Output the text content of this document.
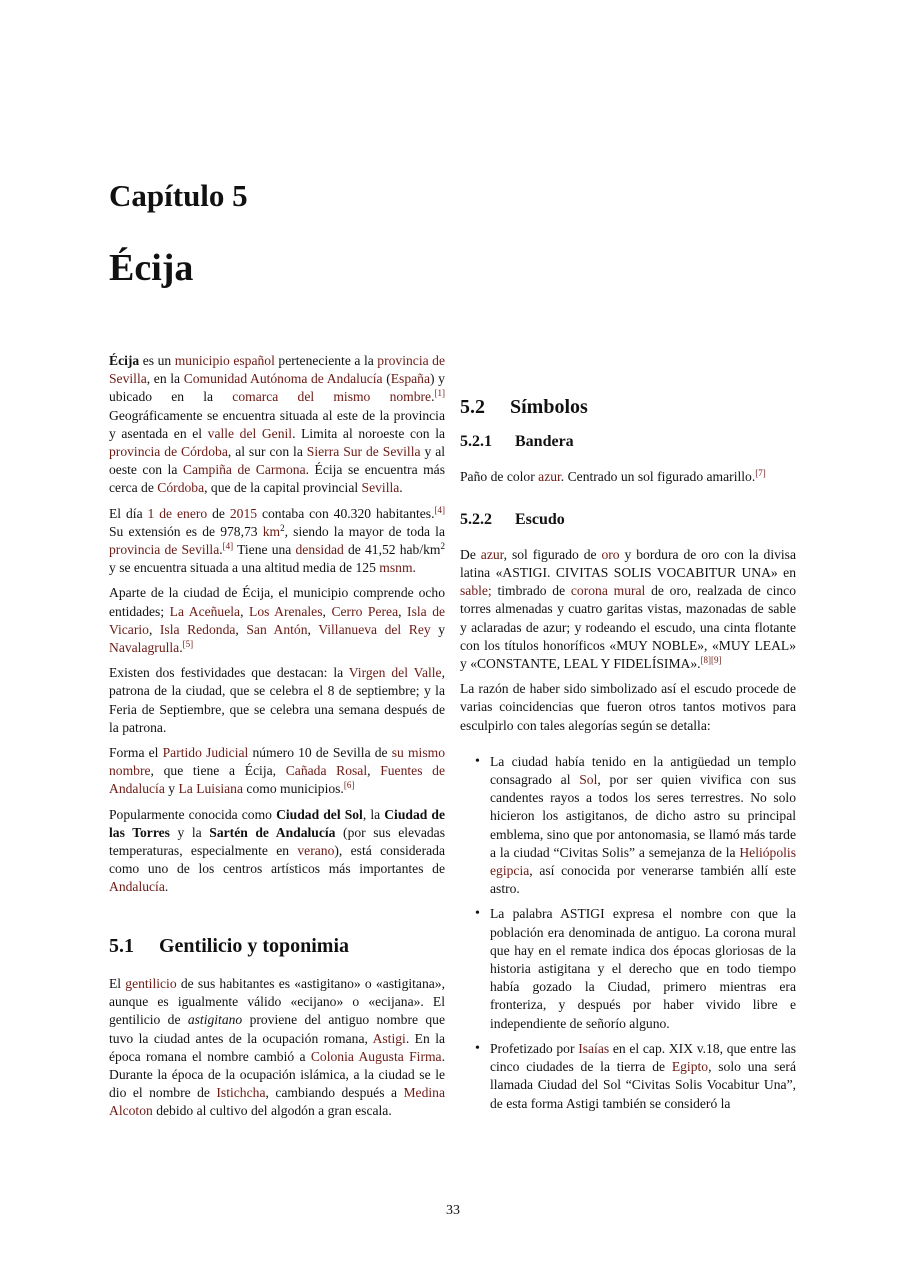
Capítulo 5
Écija

Écija es un municipio español perteneciente a la provincia de Sevilla, en la Comunidad Autónoma de Andalucía (España) y ubicado en la comarca del mismo nombre.[1] Geográficamente se encuentra situada al este de la provincia y asentada en el valle del Genil. Limita al noroeste con la provincia de Córdoba, al sur con la Sierra Sur de Sevilla y al oeste con la Campiña de Carmona. Écija se encuentra más cerca de Córdoba, que de la capital provincial Sevilla.

El día 1 de enero de 2015 contaba con 40.320 habitantes.[4] Su extensión es de 978,73 $km^2$, siendo la mayor de toda la provincia de Sevilla.[4] Tiene una densidad de 41,52 hab/$km^2$ y se encuentra situada a una altitud media de 125 msnm.

Aparte de la ciudad de Écija, el municipio comprende ocho entidades; La Aceñuela, Los Arenales, Cerro Perea, Isla de Vicario, Isla Redonda, San Antón, Villanueva del Rey y Navalagrulla.[5]

Existen dos festividades que destacan: la Virgen del Valle, patrona de la ciudad, que se celebra el 8 de septiembre; y la Feria de Septiembre, que se celebra una semana después de la patrona.

Forma el Partido Judicial número 10 de Sevilla de su mismo nombre, que tiene a Écija, Cañada Rosal, Fuentes de Andalucía y La Luisiana como municipios.[6]

Popularmente conocida como Ciudad del Sol, la Ciudad de las Torres y la Sartén de Andalucía (por sus elevadas temperaturas, especialmente en verano), está considerada como uno de los centros artísticos más importantes de Andalucía.

5.1	Gentilicio y toponimia

El gentilicio de sus habitantes es «astigitano» o «astigitana», aunque es igualmente válido «ecijano» o «ecijana». El gentilicio de astigitano proviene del antiguo nombre que tuvo la ciudad antes de la ocupación romana, Astigi. En la época romana el nombre cambió a Colonia Augusta Firma. Durante la época de la ocupación islámica, a la ciudad se le dio el nombre de Istichcha, cambiando después a Medina Alcoton debido al cultivo del algodón a gran escala.

5.2	Símbolos
5.2.1	Bandera

Paño de color azur. Centrado un sol figurado amarillo.[7]

5.2.2	Escudo

De azur, sol figurado de oro y bordura de oro con la divisa latina «ASTIGI. CIVITAS SOLIS VOCABITUR UNA» en sable; timbrado de corona mural de oro, realzada de cinco torres almenadas y cuatro garitas vistas, mazonadas de sable y aclaradas de azur; y rodeando el escudo, una cinta flotante con los títulos honoríficos «MUY NOBLE», «MUY LEAL» y «CONSTANTE, LEAL Y FIDELÍSIMA».[8][9]

La razón de haber sido simbolizado así el escudo procede de varias coincidencias que fueron otros tantos motivos para esculpirlo con tales alegorías según se detalla:

• La ciudad había tenido en la antigüedad un templo consagrado al Sol, por ser quien vivifica con sus candentes rayos a todos los seres terrestres. No solo hicieron los astigitanos, de dicho astro su principal emblema, sino que por antonomasia, se llamó más tarde a la ciudad “Civitas Solis” a semejanza de la Heliópolis egipcia, así conocida por venerarse también allí este astro.
• La palabra ASTIGI expresa el nombre con que la población era denominada de antiguo. La corona mural que hay en el remate indica dos épocas gloriosas de la historia astigitana y el derecho que en todo tiempo había gozado la Ciudad, primero mientras era fronteriza, y después por haber vivido libre e independiente de señorío alguno.
• Profetizado por Isaías en el cap. XIX v.18, que entre las cinco ciudades de la tierra de Egipto, solo una será llamada Ciudad del Sol “Civitas Solis Vocabitur Una”, de esta forma Astigi también se consideró la
33
